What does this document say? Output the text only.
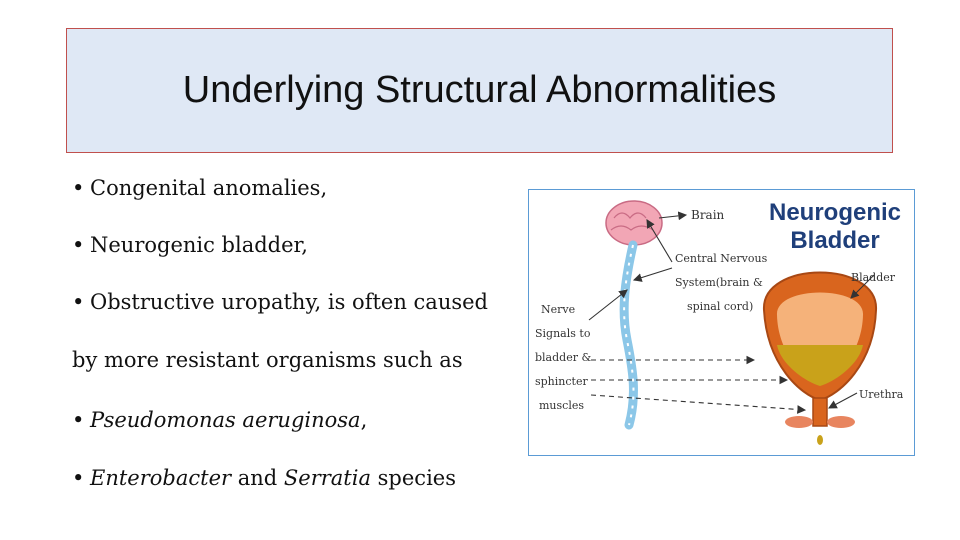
Underlying Structural Abnormalities
• Congenital anomalies,
• Neurogenic bladder,
• Obstructive uropathy, is often caused
by more resistant organisms such as
• Pseudomonas aeruginosa,
• Enterobacter and Serratia species
Neurogenic
Bladder
Brain
Central Nervous
System(brain &
spinal cord)
Nerve
Signals to
bladder &
sphincter
muscles
Bladder
Urethra
